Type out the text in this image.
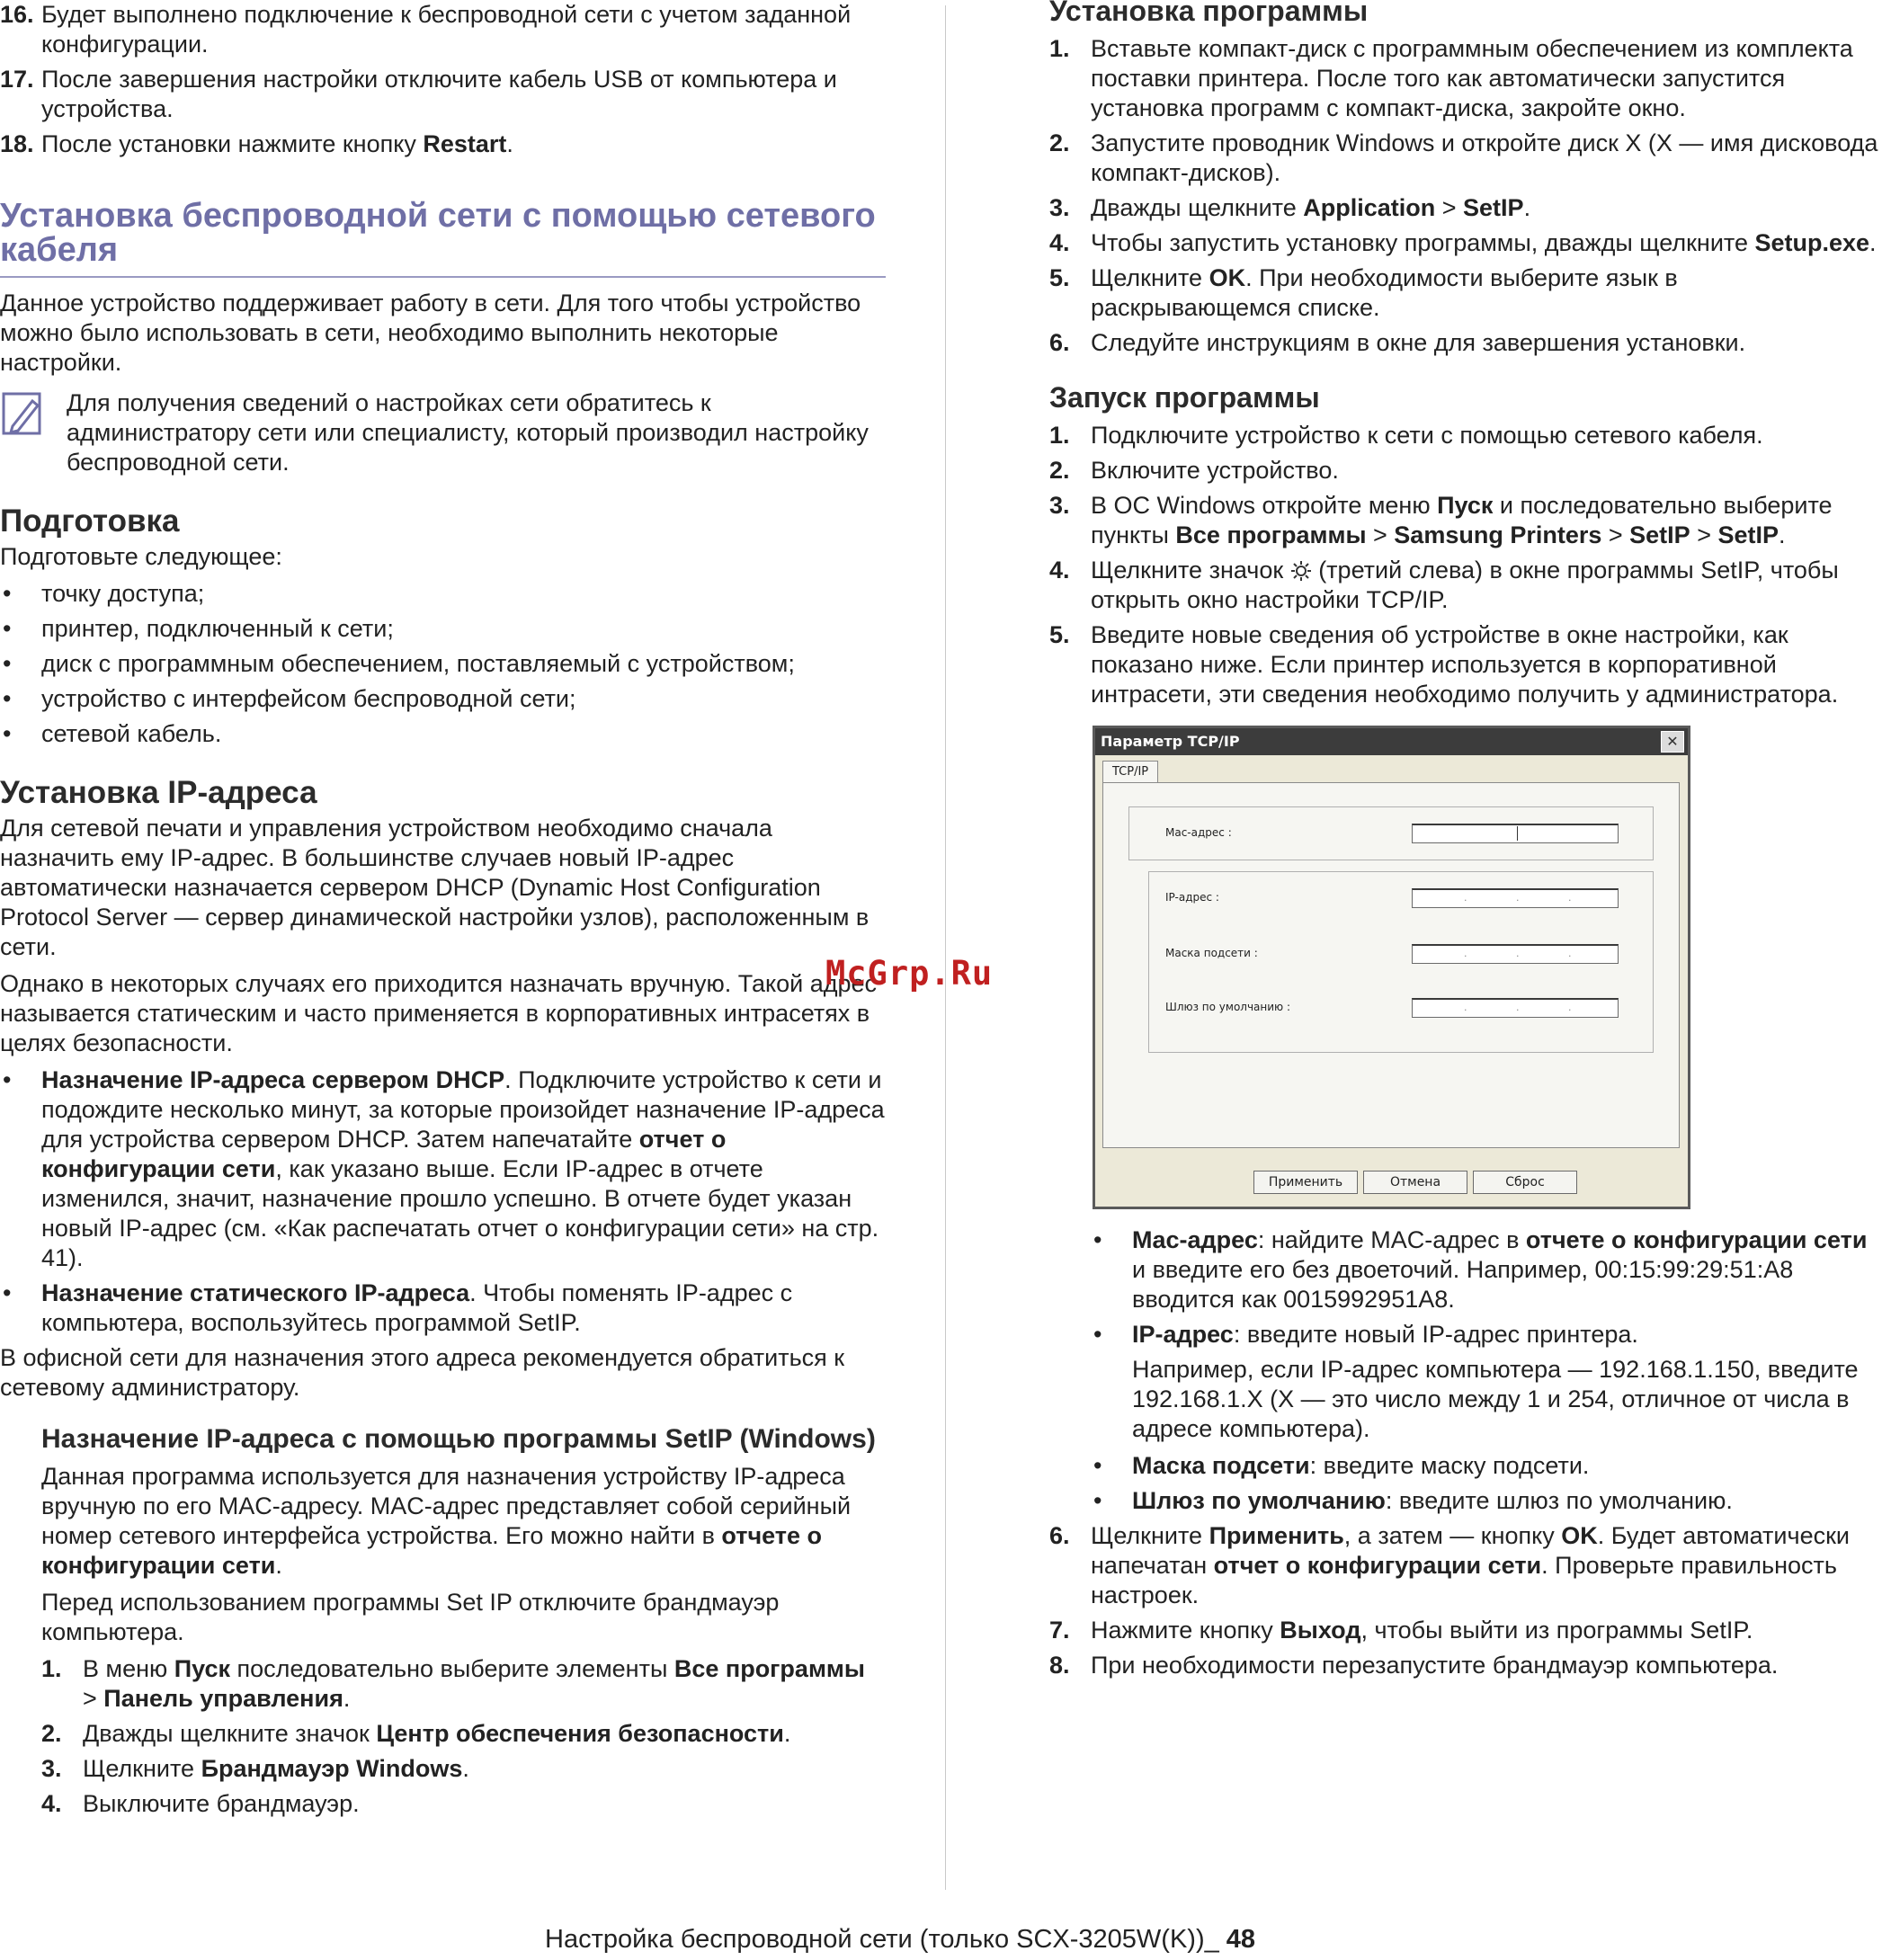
16. Будет выполнено подключение к беспроводной сети с учетом заданной конфигурации.
17. После завершения настройки отключите кабель USB от компьютера и устройства.
18. После установки нажмите кнопку Restart.
Установка беспроводной сети с помощью сетевого кабеля

Данное устройство поддерживает работу в сети. Для того чтобы устройство можно было использовать в сети, необходимо выполнить некоторые настройки.

Для получения сведений о настройках сети обратитесь к администратору сети или специалисту, который производил настройку беспроводной сети.
Подготовка

Подготовьте следующее:

• точку доступа;
• принтер, подключенный к сети;
• диск с программным обеспечением, поставляемый с устройством;
• устройство с интерфейсом беспроводной сети;
• сетевой кабель.
Установка IP-адреса

Для сетевой печати и управления устройством необходимо сначала назначить ему IP-адрес. В большинстве случаев новый IP-адрес автоматически назначается сервером DHCP (Dynamic Host Configuration Protocol Server — сервер динамической настройки узлов), расположенным в сети.

Однако в некоторых случаях его приходится назначать вручную. Такой адрес называется статическим и часто применяется в корпоративных интрасетях в целях безопасности.

• Назначение IP-адреса сервером DHCP. Подключите устройство к сети и подождите несколько минут, за которые произойдет назначение IP-адреса для устройства сервером DHCP. Затем напечатайте отчет о конфигурации сети, как указано выше. Если IP-адрес в отчете изменился, значит, назначение прошло успешно. В отчете будет указан новый IP-адрес (см. «Как распечатать отчет о конфигурации сети» на стр. 41).
• Назначение статического IP-адреса. Чтобы поменять IP-адрес с компьютера, воспользуйтесь программой SetIP.

В офисной сети для назначения этого адреса рекомендуется обратиться к сетевому администратору.

Назначение IP-адреса с помощью программы SetIP (Windows)

Данная программа используется для назначения устройству IP-адреса вручную по его MAC-адресу. MAC-адрес представляет собой серийный номер сетевого интерфейса устройства. Его можно найти в отчете о конфигурации сети.

Перед использованием программы Set IP отключите брандмауэр компьютера.

1. В меню Пуск последовательно выберите элементы Все программы > Панель управления.
2. Дважды щелкните значок Центр обеспечения безопасности.
3. Щелкните Брандмауэр Windows.
4. Выключите брандмауэр.
Установка программы
1. Вставьте компакт-диск с программным обеспечением из комплекта поставки принтера. После того как автоматически запустится установка программ с компакт-диска, закройте окно.
2. Запустите проводник Windows и откройте диск X (X — имя дисковода компакт-дисков).
3. Дважды щелкните Application > SetIP.
4. Чтобы запустить установку программы, дважды щелкните Setup.exe.
5. Щелкните OK. При необходимости выберите язык в раскрывающемся списке.
6. Следуйте инструкциям в окне для завершения установки.
Запуск программы
1. Подключите устройство к сети с помощью сетевого кабеля.
2. Включите устройство.
3. В ОС Windows откройте меню Пуск и последовательно выберите пункты Все программы > Samsung Printers > SetIP > SetIP.
4. Щелкните значок  (третий слева) в окне программы SetIP, чтобы открыть окно настройки TCP/IP.
5. Введите новые сведения об устройстве в окне настройки, как показано ниже. Если принтер используется в корпоративной интрасети, эти сведения необходимо получить у администратора.
Параметр TCP/IP	✕
TCP/IP
Мас-адрес :
IP-адрес :	.	.	.
Маска подсети :	.	.	.
Шлюз по умолчанию :	.	.	.
Применить	Отмена	Сброс
• Mac-адрес: найдите MAC-адрес в отчете о конфигурации сети и введите его без двоеточий. Например, 00:15:99:29:51:A8 вводится как 0015992951A8.
• IP-адрес: введите новый IP-адрес принтера.

Например, если IP-адрес компьютера — 192.168.1.150, введите 192.168.1.X (X — это число между 1 и 254, отличное от числа в адресе компьютера).

• Маска подсети: введите маску подсети.
• Шлюз по умолчанию: введите шлюз по умолчанию.
6. Щелкните Применить, а затем — кнопку OK. Будет автоматически напечатан отчет о конфигурации сети. Проверьте правильность настроек.
7. Нажмите кнопку Выход, чтобы выйти из программы SetIP.
8. При необходимости перезапустите брандмауэр компьютера.
McGrp.Ru
Настройка беспроводной сети (только SCX-3205W(K))_ 48
